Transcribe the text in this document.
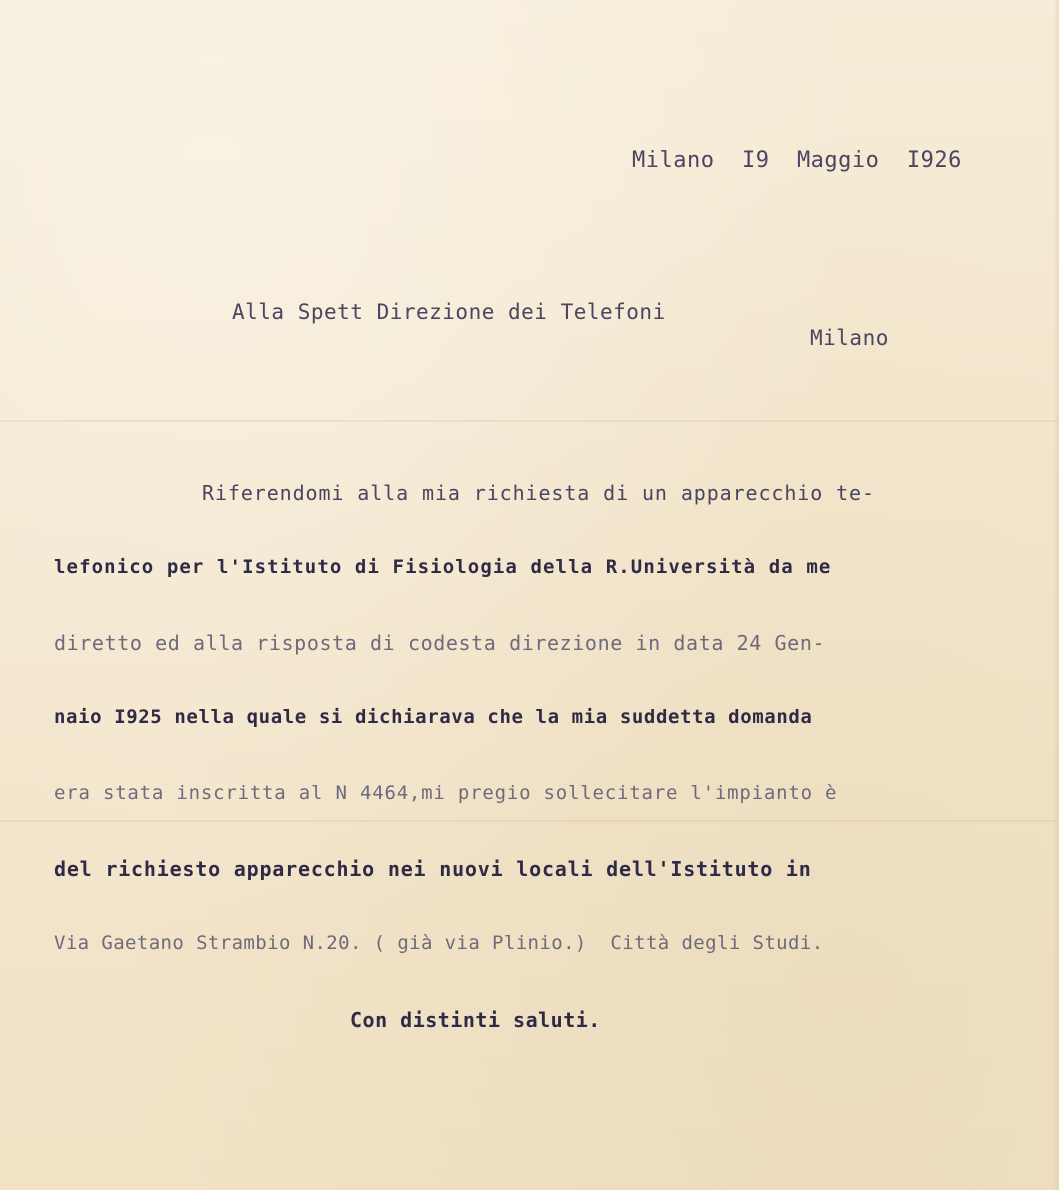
Milano  I9  Maggio  I926
Alla Spett Direzione dei Telefoni
Milano
Riferendomi alla mia richiesta di un apparecchio te-
lefonico per l'Istituto di Fisiologia della R.Università da me
diretto ed alla risposta di codesta direzione in data 24 Gen-
naio I925 nella quale si dichiarava che la mia suddetta domanda
era stata inscritta al N 4464,mi pregio sollecitare l'impianto è
del richiesto apparecchio nei nuovi locali dell'Istituto in
Via Gaetano Strambio N.20. ( già via Plinio.)  Città degli Studi.
Con distinti saluti.
